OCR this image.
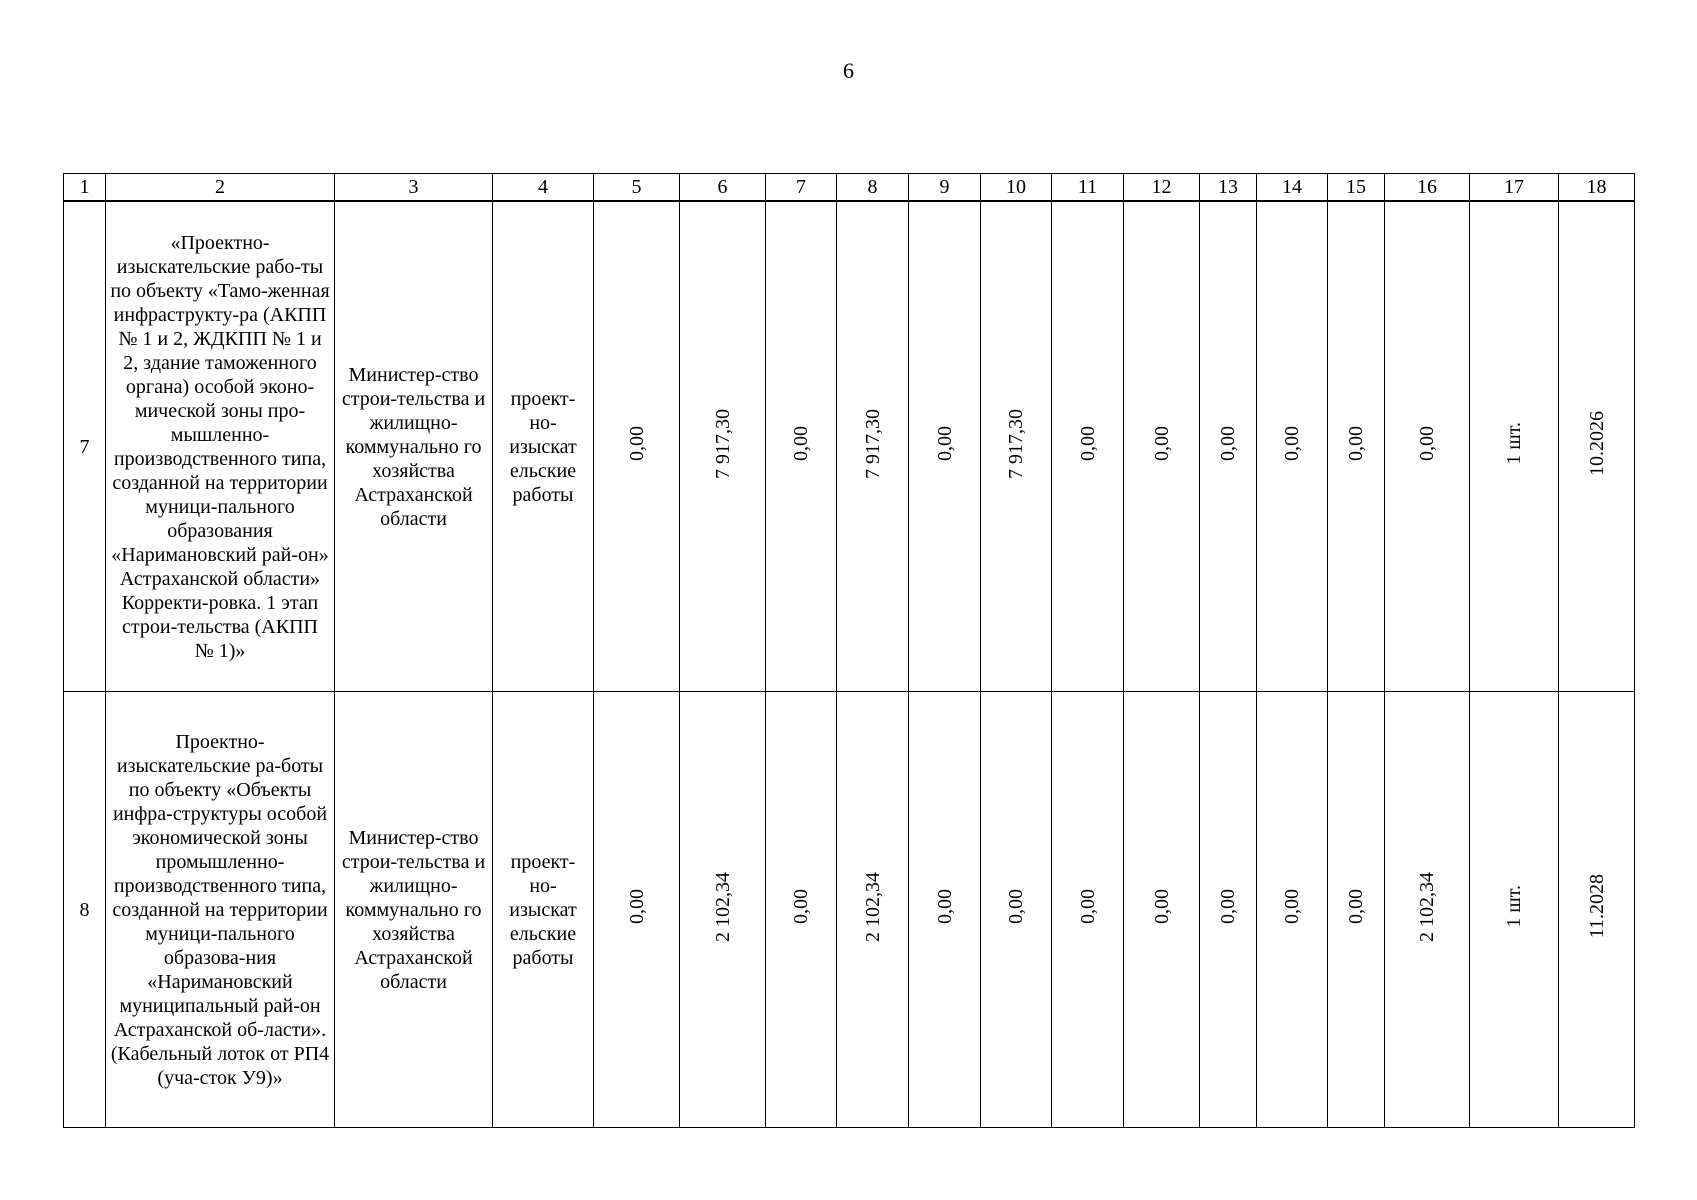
6
1	2	3	4	5	6	7	8	9	10	11	12	13	14	15	16	17	18
7	«Проектно-изыскательские рабо-ты по объекту «Тамо-женная инфраструкту-ра (АКПП № 1 и 2, ЖДКПП № 1 и 2, здание таможенного органа) особой эконо-мической зоны про-мышленно-производственного типа, созданной на территории муници-пального образования «Наримановский рай-он» Астраханской области» Корректи-ровка. 1 этап строи-тельства (АКПП № 1)»	Министер-ство строи-тельства и жилищно-коммунально го хозяйства Астраханской области	проект-но-изыскат ельские работы	0,00	7 917,30	0,00	7 917,30	0,00	7 917,30	0,00	0,00	0,00	0,00	0,00	0,00	1 шт.	10.2026
8	Проектно-изыскательские ра-боты по объекту «Объекты инфра-структуры особой экономической зоны промышленно-производственного типа, созданной на территории муници-пального образова-ния «Наримановский муниципальный рай-он Астраханской об-ласти». (Кабельный лоток от РП4 (уча-сток У9)»	Министер-ство строи-тельства и жилищно-коммунально го хозяйства Астраханской области	проект-но-изыскат ельские работы	0,00	2 102,34	0,00	2 102,34	0,00	0,00	0,00	0,00	0,00	0,00	0,00	2 102,34	1 шт.	11.2028
